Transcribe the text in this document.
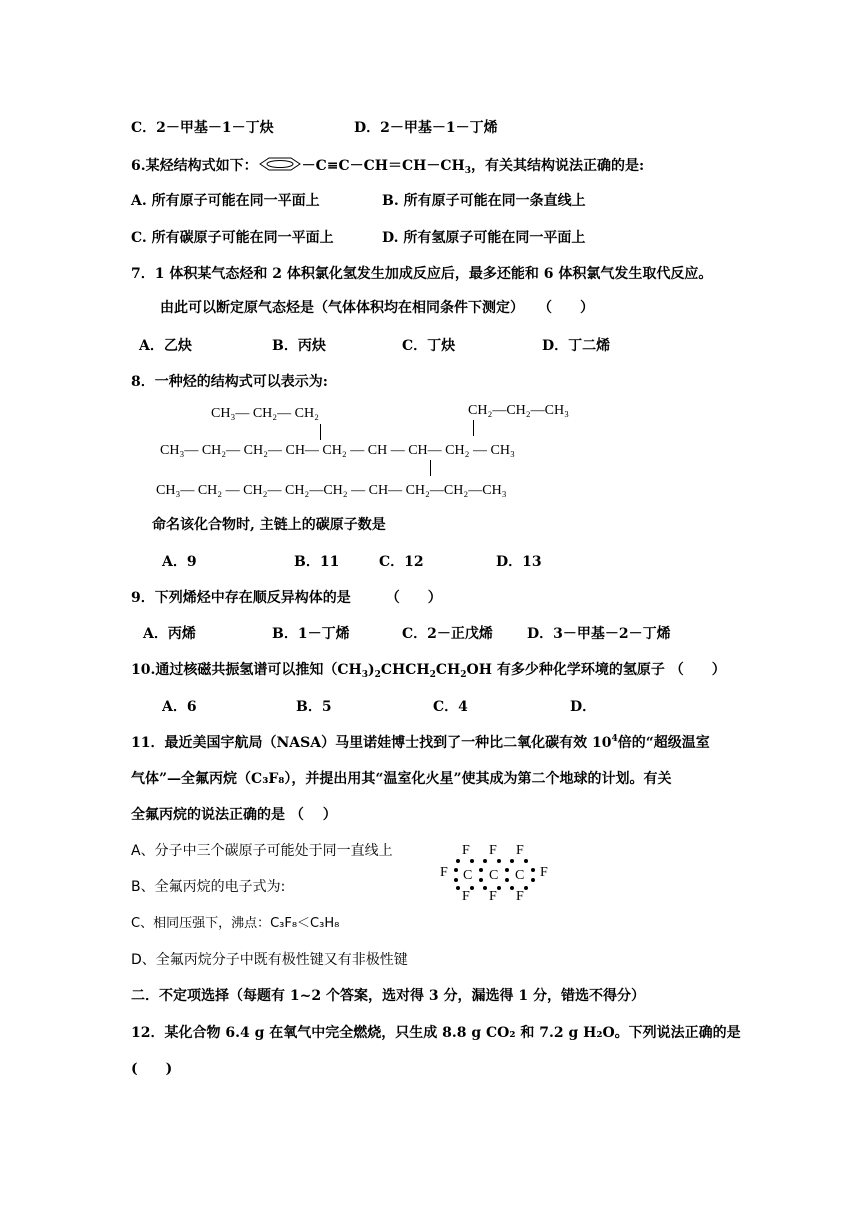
C．2－甲基－1－丁炔	D．2－甲基－1－丁烯
6.某烃结构式如下：	$-C\equiv C-CH=CH-CH_3$，有关其结构说法正确的是:
A. 所有原子可能在同一平面上	B. 所有原子可能在同一条直线上
C. 所有碳原子可能在同一平面上	D. 所有氢原子可能在同一平面上
7．1 体积某气态烃和 2 体积氯化氢发生加成反应后，最多还能和 6 体积氯气发生取代反应。
由此可以断定原气态烃是（气体体积均在相同条件下测定）　　（　　）
A．乙炔	B．丙炔	C．丁炔	D．丁二烯
8．一种烃的结构式可以表示为:
CH₃— CH₂— CH₂	CH₂—CH₂—CH₃
CH₃— CH₂— CH₂— CH— CH₂ — CH — CH— CH₂ — CH₃
CH₃— CH₂ — CH₂— CH₂—CH₂ — CH— CH₂—CH₂—CH₃
命名该化合物时, 主链上的碳原子数是
A．9	B．11	C．12	D．13
9．下列烯烃中存在顺反异构体的是　　　（　　）
A．丙烯	B．1－丁烯	C．2－正戊烯 D．3－甲基－2－丁烯
10.通过核磁共振氢谱可以推知$(CH_3)_2CHCH_2CH_2OH$ 有多少种化学环境的氢原子 （　　）
A．6	B．5	C．4	D．
11．最近美国宇航局（NASA）马里诺娃博士找到了一种比二氧化碳有效 $10^4$倍的“超级温室
气体”—全氟丙烷（C₃F₈），并提出用其“温室化火星”使其成为第二个地球的计划。有关
全氟丙烷的说法正确的是 （　 ）
A、分子中三个碳原子可能处于同一直线上
B、全氟丙烷的电子式为:
C、相同压强下，沸点：C₃F₈＜C₃H₈
D、全氟丙烷分子中既有极性键又有非极性键
F F F
F C C C F
F F F
二．不定项选择（每题有 1~2 个答案，选对得 3 分，漏选得 1 分，错选不得分）
12．某化合物 6.4 g 在氧气中完全燃烧，只生成 8.8 g CO₂ 和 7.2 g H₂O。下列说法正确的是
(　　)
